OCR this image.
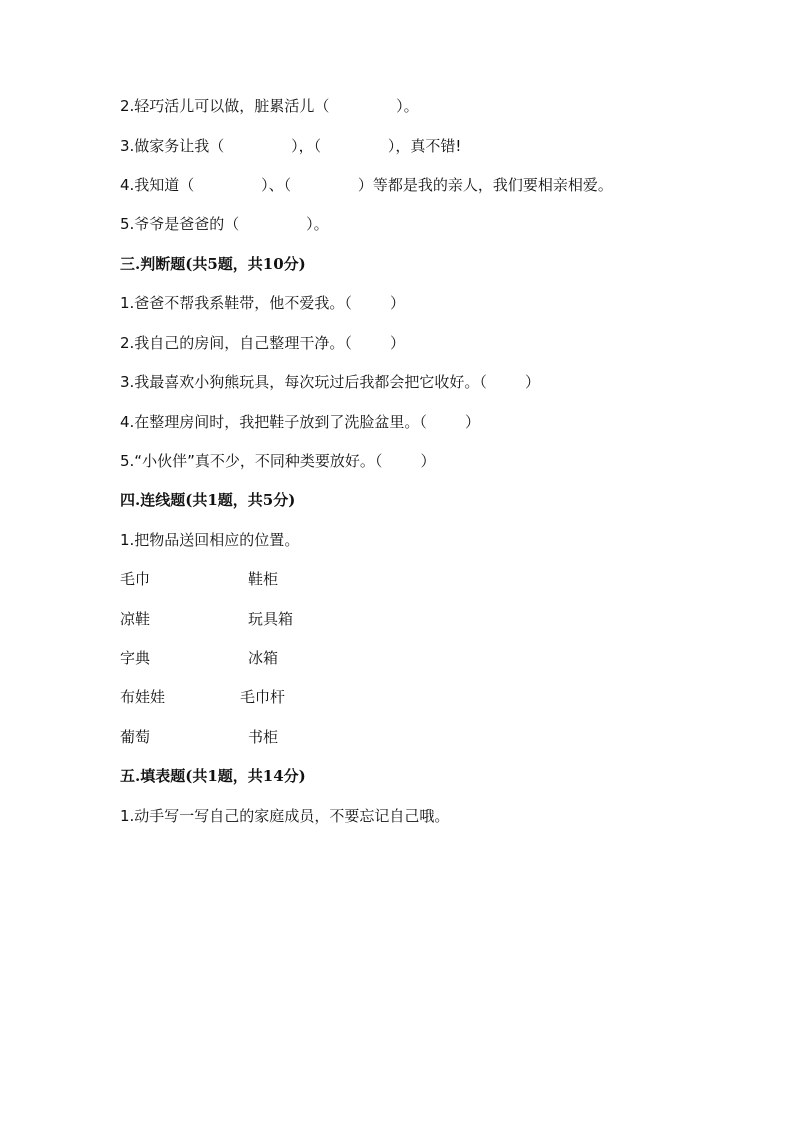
2.轻巧活儿可以做，脏累活儿（              ）。
3.做家务让我（              ），（              ），真不错!
4.我知道（              ）、（              ）等都是我的亲人，我们要相亲相爱。
5.爷爷是爸爸的（              ）。
三.判断题(共5题，共10分)
1.爸爸不帮我系鞋带，他不爱我。（        ）
2.我自己的房间，自己整理干净。（        ）
3.我最喜欢小狗熊玩具，每次玩过后我都会把它收好。（        ）
4.在整理房间时，我把鞋子放到了洗脸盆里。（        ）
5.“小伙伴”真不少，不同种类要放好。（        ）
四.连线题(共1题，共5分)
1.把物品送回相应的位置。
毛巾	鞋柜
凉鞋	玩具箱
字典	冰箱
布娃娃	毛巾杆
葡萄	书柜
五.填表题(共1题，共14分)
1.动手写一写自己的家庭成员，不要忘记自己哦。
